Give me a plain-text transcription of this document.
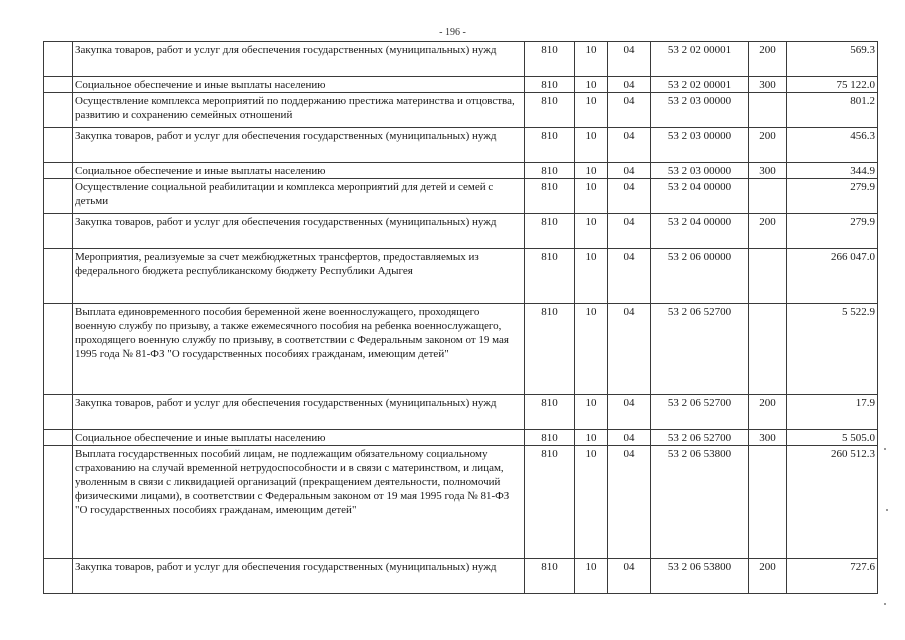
- 196 -
	Закупка товаров, работ и услуг для обеспечения государственных (муниципальных) нужд	810	10	04	53 2 02 00001	200	569.3
	Социальное обеспечение и иные выплаты населению	810	10	04	53 2 02 00001	300	75 122.0
	Осуществление комплекса мероприятий по поддержанию престижа материнства и отцовства, развитию и сохранению семейных отношений	810	10	04	53 2 03 00000		801.2
	Закупка товаров, работ и услуг для обеспечения государственных (муниципальных) нужд	810	10	04	53 2 03 00000	200	456.3
	Социальное обеспечение и иные выплаты населению	810	10	04	53 2 03 00000	300	344.9
	Осуществление социальной реабилитации и комплекса мероприятий для детей и семей с детьми	810	10	04	53 2 04 00000		279.9
	Закупка товаров, работ и услуг для обеспечения государственных (муниципальных) нужд	810	10	04	53 2 04 00000	200	279.9
	Мероприятия, реализуемые за счет межбюджетных трансфертов, предоставляемых из федерального бюджета республиканскому бюджету Республики Адыгея	810	10	04	53 2 06 00000		266 047.0
	Выплата единовременного пособия беременной жене военнослужащего, проходящего военную службу по призыву, а также ежемесячного пособия на ребенка военнослужащего, проходящего военную службу по призыву, в соответствии с Федеральным законом от 19 мая 1995 года № 81-ФЗ "О государственных пособиях гражданам, имеющим детей"	810	10	04	53 2 06 52700		5 522.9
	Закупка товаров, работ и услуг для обеспечения государственных (муниципальных) нужд	810	10	04	53 2 06 52700	200	17.9
	Социальное обеспечение и иные выплаты населению	810	10	04	53 2 06 52700	300	5 505.0
	Выплата государственных пособий лицам, не подлежащим обязательному социальному страхованию на случай временной нетрудоспособности и в связи с материнством, и лицам, уволенным в связи с ликвидацией организаций (прекращением деятельности, полномочий физическими лицами), в соответствии с Федеральным законом от 19 мая 1995 года № 81-ФЗ "О государственных пособиях гражданам, имеющим детей"	810	10	04	53 2 06 53800		260 512.3
	Закупка товаров, работ и услуг для обеспечения государственных (муниципальных) нужд	810	10	04	53 2 06 53800	200	727.6
